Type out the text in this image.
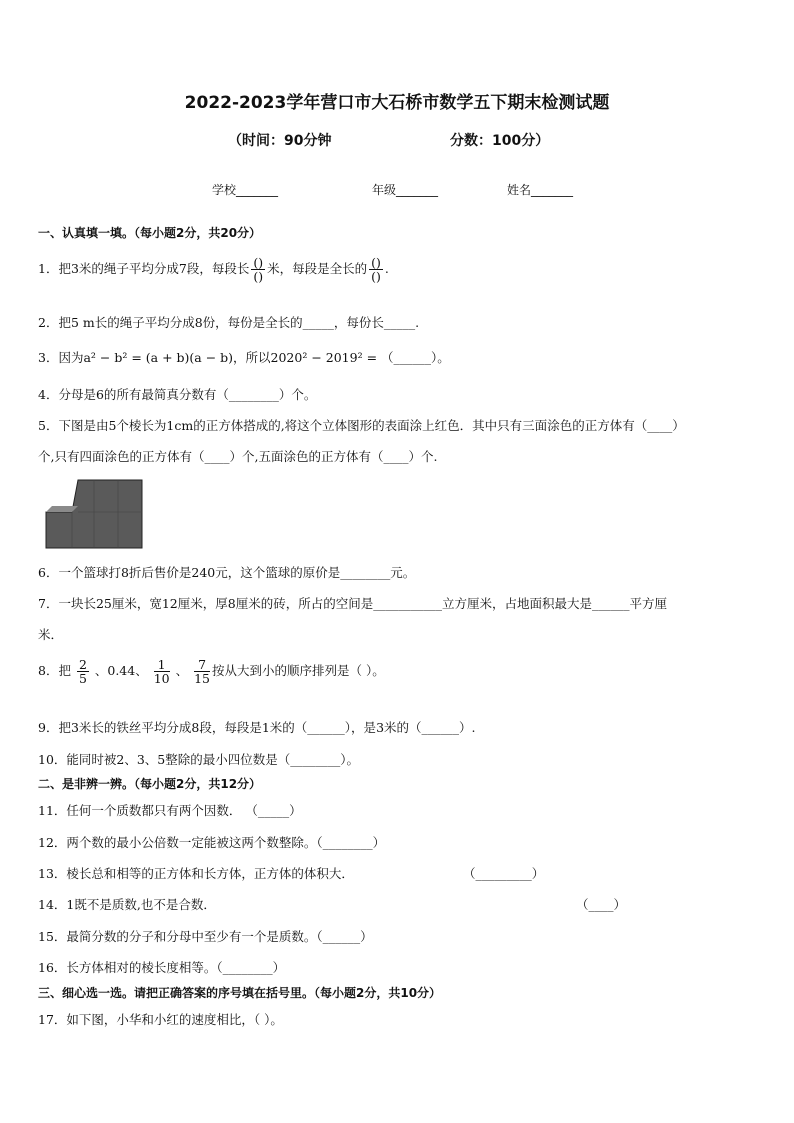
2022-2023学年营口市大石桥市数学五下期末检测试题
（时间：90分钟	分数：100分）
学校_______	年级_______	姓名_______
一、认真填一填。（每小题2分，共20分）
1．把3米的绳子平均分成7段，每段长 $\frac{()}{()}$ 米，每段是全长的 $\frac{()}{()}$ .
2．把5 m长的绳子平均分成8份，每份是全长的_____，每份长_____.
3．因为a² − b² = (a + b)(a − b)，所以2020² − 2019² = （______）。
4．分母是6的所有最简真分数有（________）个。
5．下图是由5个棱长为1cm的正方体搭成的,将这个立体图形的表面涂上红色．其中只有三面涂色的正方体有（____）
个,只有四面涂色的正方体有（____）个,五面涂色的正方体有（____）个.
6．一个篮球打8折后售价是240元，这个篮球的原价是________元。
7．一块长25厘米，宽12厘米，厚8厘米的砖，所占的空间是___________立方厘米，占地面积最大是______平方厘
米．
8．把 $\frac{2}{5}$ 、0.44、 $\frac{1}{10}$ 、 $\frac{7}{15}$ 按从大到小的顺序排列是（ ）。
9．把3米长的铁丝平均分成8段，每段是1米的（______），是3米的（______）.
10．能同时被2、3、5整除的最小四位数是（________）。
二、是非辨一辨。（每小题2分，共12分）
11．任何一个质数都只有两个因数． （_____）
12．两个数的最小公倍数一定能被这两个数整除。（________）
13．棱长总和相等的正方体和长方体，正方体的体积大．	（_________）
14．1既不是质数,也不是合数．	（____）
15．最简分数的分子和分母中至少有一个是质数。（______）
16．长方体相对的棱长度相等。（________）
三、细心选一选。请把正确答案的序号填在括号里。（每小题2分，共10分）
17．如下图，小华和小红的速度相比，（ ）。
